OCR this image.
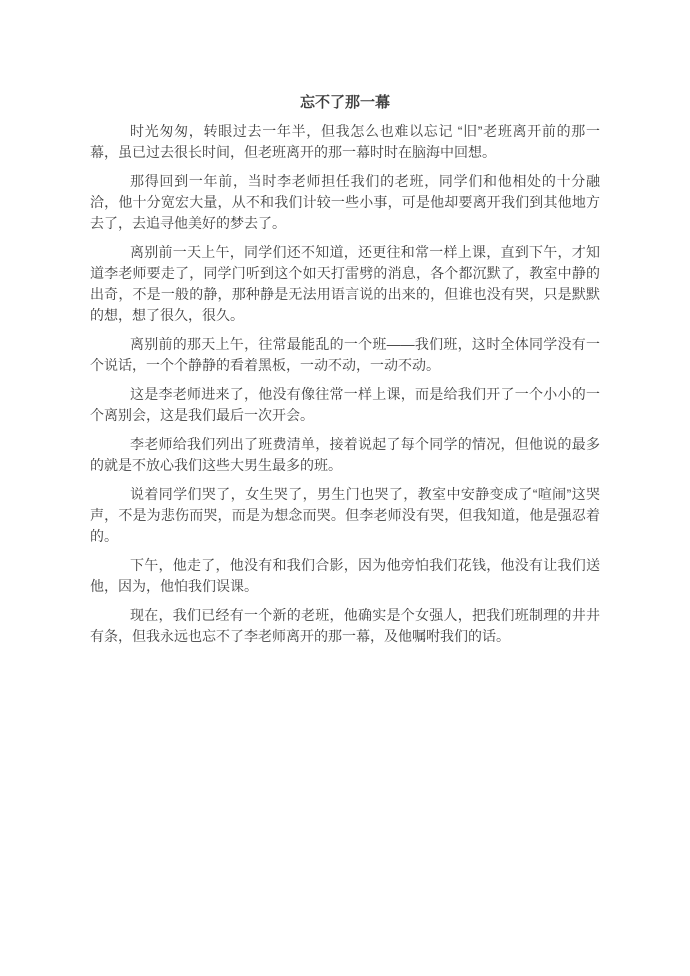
忘不了那一幕

时光匆匆，转眼过去一年半，但我怎么也难以忘记 “旧”老班离开前的那一幕，虽已过去很长时间，但老班离开的那一幕时时在脑海中回想。

那得回到一年前，当时李老师担任我们的老班，同学们和他相处的十分融洽，他十分宽宏大量，从不和我们计较一些小事，可是他却要离开我们到其他地方去了，去追寻他美好的梦去了。

离别前一天上午，同学们还不知道，还更往和常一样上课，直到下午，才知道李老师要走了，同学门听到这个如天打雷劈的消息，各个都沉默了，教室中静的出奇，不是一般的静，那种静是无法用语言说的出来的，但谁也没有哭，只是默默的想，想了很久，很久。

离别前的那天上午，往常最能乱的一个班——我们班，这时全体同学没有一个说话，一个个静静的看着黑板，一动不动，一动不动。

这是李老师进来了，他没有像往常一样上课，而是给我们开了一个小小的一个离别会，这是我们最后一次开会。

李老师给我们列出了班费清单，接着说起了每个同学的情况，但他说的最多的就是不放心我们这些大男生最多的班。

说着同学们哭了，女生哭了，男生门也哭了，教室中安静变成了“喧闹”这哭声，不是为悲伤而哭，而是为想念而哭。但李老师没有哭，但我知道，他是强忍着的。

下午，他走了，他没有和我们合影，因为他旁怕我们花钱，他没有让我们送他，因为，他怕我们误课。

现在，我们已经有一个新的老班，他确实是个女强人，把我们班制理的井井有条，但我永远也忘不了李老师离开的那一幕，及他嘱咐我们的话。
